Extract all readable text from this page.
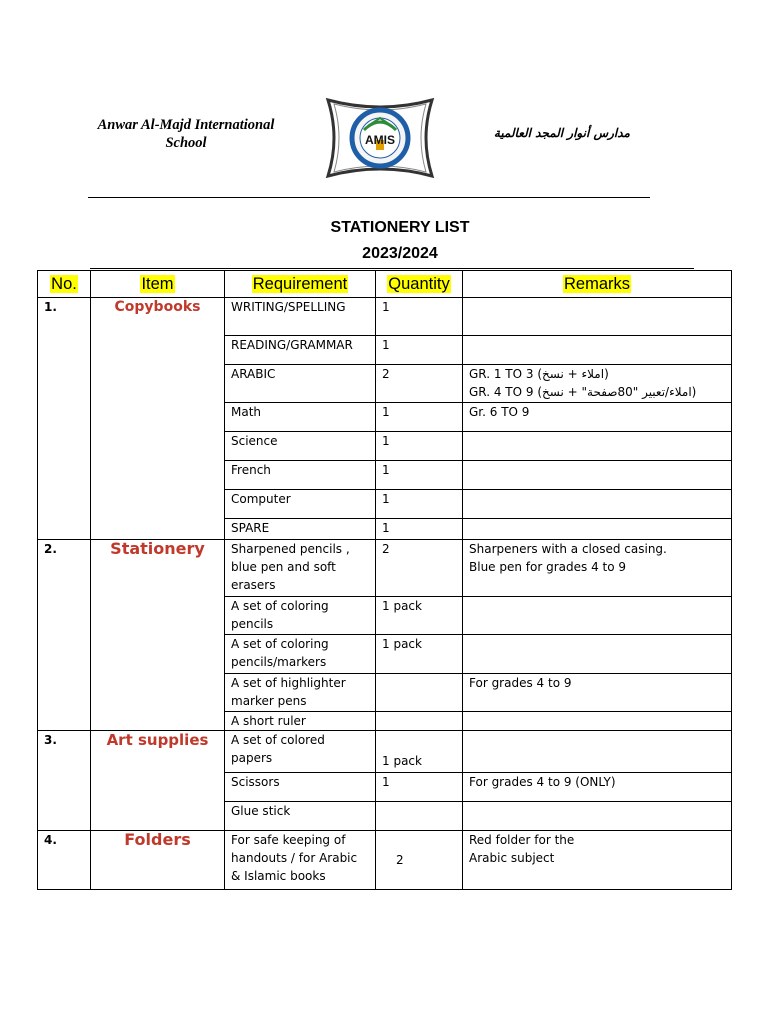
Anwar Al-Majd International School	AMIS	مدارس أنوار المجد العالمية
STATIONERY LIST
2023/2024
No.	Item	Requirement	Quantity	Remarks
1.	Copybooks	WRITING/SPELLING	1	
		READING/GRAMMAR	1	
		ARABIC	2	GR. 1 TO 3 (املاء + نسخ)
GR. 4 TO 9 (املاء/تعبير "80صفحة" + نسخ)

		Math	1	Gr. 6 TO 9
		Science	1	
		French	1	
		Computer	1	
		SPARE	1	
2.	Stationery	Sharpened pencils , blue pen and soft erasers	2	Sharpeners with a closed casing.
Blue pen for grades 4 to 9

		A set of coloring pencils	1 pack	
		A set of coloring pencils/markers	1 pack	
		A set of highlighter marker pens		For grades 4 to 9
		A short ruler		
3.	Art supplies	A set of colored papers	1 pack	
		Scissors	1	For grades 4 to 9 (ONLY)
		Glue stick		
4.	Folders	For safe keeping of handouts / for Arabic & Islamic books	2	Red folder for the Arabic subject
